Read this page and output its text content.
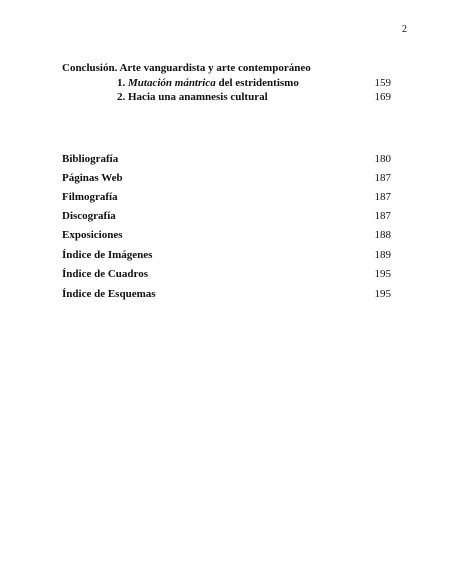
2
Conclusión. Arte vanguardista y arte contemporáneo
1. Mutación mántrica del estridentismo	159
2. Hacia una anamnesis cultural	169
Bibliografía	180
Páginas Web	187
Filmografía	187
Discografía	187
Exposiciones	188
Índice de Imágenes	189
Índice de Cuadros	195
Índice de Esquemas	195
